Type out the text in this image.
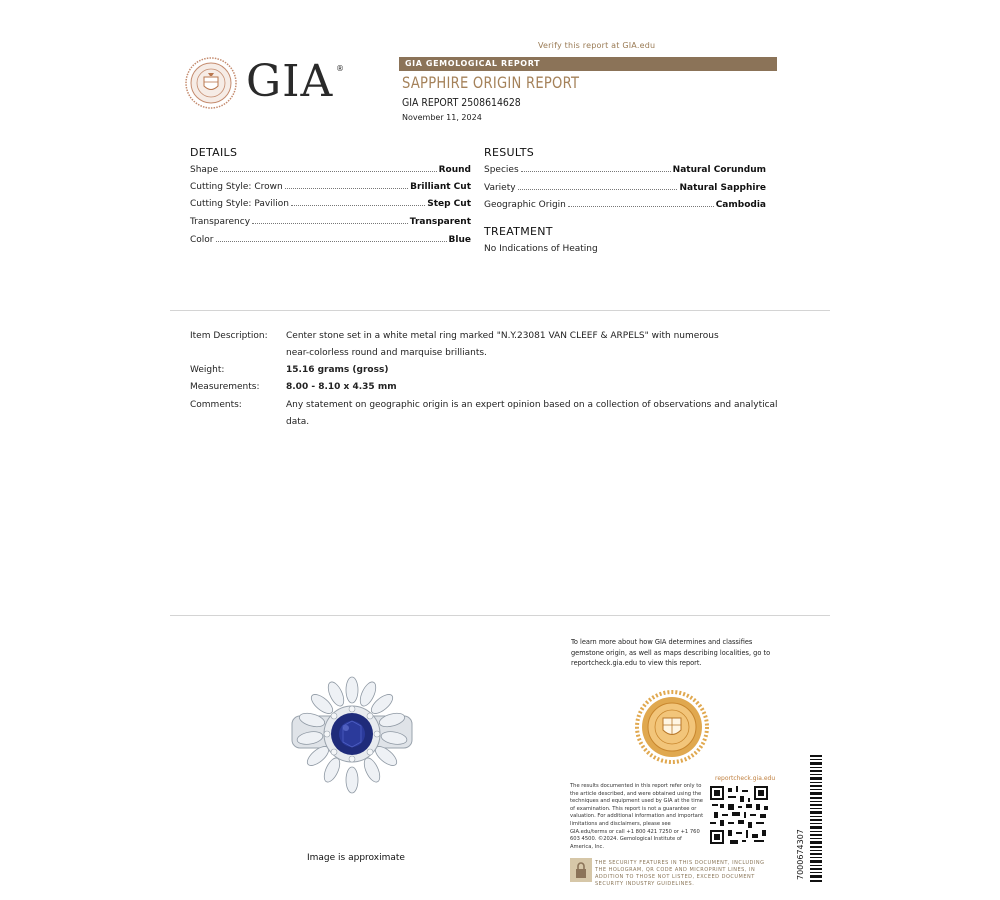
Verify this report at GIA.edu
GIA ®
GIA GEMOLOGICAL REPORT
SAPPHIRE ORIGIN REPORT
GIA REPORT 2508614628
November 11, 2024
DETAILS
Shape	Round
Cutting Style: Crown	Brilliant Cut
Cutting Style: Pavilion	Step Cut
Transparency	Transparent
Color	Blue
RESULTS
Species	Natural Corundum
Variety	Natural Sapphire
Geographic Origin	Cambodia
TREATMENT
No Indications of Heating
Item Description: Center stone set in a white metal ring marked "N.Y.23081 VAN CLEEF & ARPELS" with numerous
near-colorless round and marquise brilliants.
Weight:	15.16 grams (gross)
Measurements:	8.00 - 8.10 x 4.35 mm
Comments:	Any statement on geographic origin is an expert opinion based on a collection of observations and analytical
data.
Image is approximate
To learn more about how GIA determines and classifies gemstone origin, as well as maps describing localities, go to reportcheck.gia.edu to view this report.
reportcheck.gia.edu
The results documented in this report refer only to the article described, and were obtained using the techniques and equipment used by GIA at the time of examination. This report is not a guarantee or valuation. For additional information and important limitations and disclaimers, please see GIA.edu/terms or call +1 800 421 7250 or +1 760 603 4500. ©2024. Gemological Institute of America, Inc.
THE SECURITY FEATURES IN THIS DOCUMENT, INCLUDING THE HOLOGRAM, QR CODE AND MICROPRINT LINES, IN ADDITION TO THOSE NOT LISTED, EXCEED DOCUMENT SECURITY INDUSTRY GUIDELINES.
7000674307
